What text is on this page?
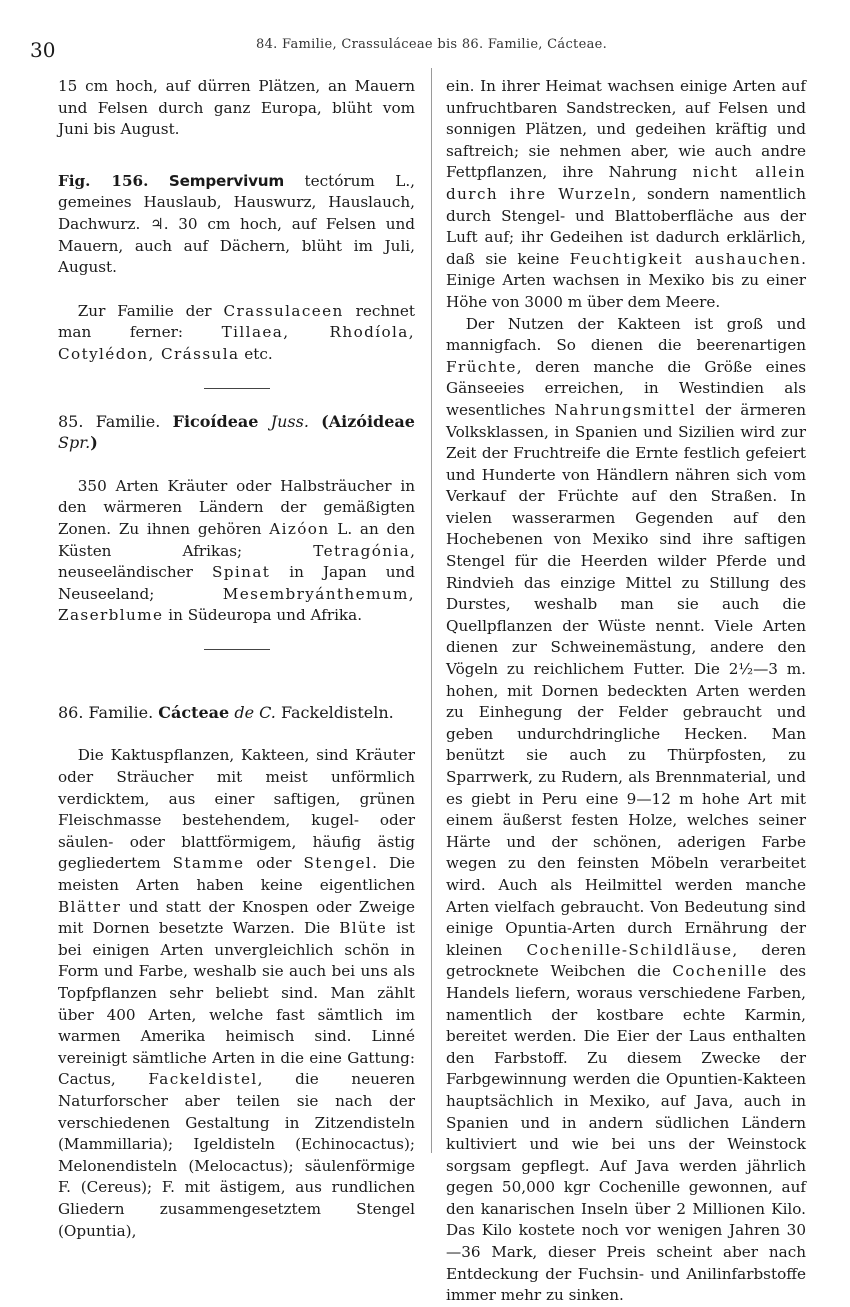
30	84. Familie, Crassuláceae bis 86. Familie, Cácteae.

15 cm hoch, auf dürren Plätzen, an Mauern und Felsen durch ganz Europa, blüht vom Juni bis August.

Fig. 156. Sempervivum tectórum L., gemeines Hauslaub, Hauswurz, Hauslauch, Dachwurz. ♃. 30 cm hoch, auf Felsen und Mauern, auch auf Dächern, blüht im Juli, August.

Zur Familie der Crassulaceen rechnet man ferner: Tillaea, Rhodíola, Cotylédon, Crássula etc.

85. Familie. Ficoídeae Juss. (Aizóideae Spr.)

350 Arten Kräuter oder Halbsträucher in den wärmeren Ländern der gemäßigten Zonen. Zu ihnen gehören Aizóon L. an den Küsten Afrikas; Tetragónia, neuseeländischer Spinat in Japan und Neuseeland; Mesembryánthemum, Zaserblume in Südeuropa und Afrika.

86. Familie. Cácteae de C. Fackeldisteln.

Die Kaktuspflanzen, Kakteen, sind Kräuter oder Sträucher mit meist unförmlich verdicktem, aus einer saftigen, grünen Fleischmasse bestehendem, kugel- oder säulen- oder blattförmigem, häufig ästig gegliedertem Stamme oder Stengel. Die meisten Arten haben keine eigentlichen Blätter und statt der Knospen oder Zweige mit Dornen besetzte Warzen. Die Blüte ist bei einigen Arten unvergleichlich schön in Form und Farbe, weshalb sie auch bei uns als Topfpflanzen sehr beliebt sind. Man zählt über 400 Arten, welche fast sämtlich im warmen Amerika heimisch sind. Linné vereinigt sämtliche Arten in die eine Gattung: Cactus, Fackeldistel, die neueren Naturforscher aber teilen sie nach der verschiedenen Gestaltung in Zitzendisteln (Mammillaria); Igeldisteln (Echinocactus); Melonendisteln (Melocactus); säulenförmige F. (Cereus); F. mit ästigem, aus rundlichen Gliedern zusammengesetztem Stengel (Opuntia),

ein. In ihrer Heimat wachsen einige Arten auf unfruchtbaren Sandstrecken, auf Felsen und sonnigen Plätzen, und gedeihen kräftig und saftreich; sie nehmen aber, wie auch andre Fettpflanzen, ihre Nahrung nicht allein durch ihre Wurzeln, sondern namentlich durch Stengel- und Blattoberfläche aus der Luft auf; ihr Gedeihen ist dadurch erklärlich, daß sie keine Feuchtigkeit aushauchen. Einige Arten wachsen in Mexiko bis zu einer Höhe von 3000 m über dem Meere.

Der Nutzen der Kakteen ist groß und mannigfach. So dienen die beerenartigen Früchte, deren manche die Größe eines Gänseeies erreichen, in Westindien als wesentliches Nahrungsmittel der ärmeren Volksklassen, in Spanien und Sizilien wird zur Zeit der Fruchtreife die Ernte festlich gefeiert und Hunderte von Händlern nähren sich vom Verkauf der Früchte auf den Straßen. In vielen wasserarmen Gegenden auf den Hochebenen von Mexiko sind ihre saftigen Stengel für die Heerden wilder Pferde und Rindvieh das einzige Mittel zu Stillung des Durstes, weshalb man sie auch die Quellpflanzen der Wüste nennt. Viele Arten dienen zur Schweinemästung, andere den Vögeln zu reichlichem Futter. Die 2½—3 m. hohen, mit Dornen bedeckten Arten werden zu Einhegung der Felder gebraucht und geben undurchdringliche Hecken. Man benützt sie auch zu Thürpfosten, zu Sparrwerk, zu Rudern, als Brennmaterial, und es giebt in Peru eine 9—12 m hohe Art mit einem äußerst festen Holze, welches seiner Härte und der schönen, aderigen Farbe wegen zu den feinsten Möbeln verarbeitet wird. Auch als Heilmittel werden manche Arten vielfach gebraucht. Von Bedeutung sind einige Opuntia-Arten durch Ernährung der kleinen Cochenille-Schildläuse, deren getrocknete Weibchen die Cochenille des Handels liefern, woraus verschiedene Farben, namentlich der kostbare echte Karmin, bereitet werden. Die Eier der Laus enthalten den Farbstoff. Zu diesem Zwecke der Farbgewinnung werden die Opuntien-Kakteen hauptsächlich in Mexiko, auf Java, auch in Spanien und in andern südlichen Ländern kultiviert und wie bei uns der Weinstock sorgsam gepflegt. Auf Java werden jährlich gegen 50,000 kgr Cochenille gewonnen, auf den kanarischen Inseln über 2 Millionen Kilo. Das Kilo kostete noch vor wenigen Jahren 30—36 Mark, dieser Preis scheint aber nach Entdeckung der Fuchsin- und Anilinfarbstoffe immer mehr zu sinken.
